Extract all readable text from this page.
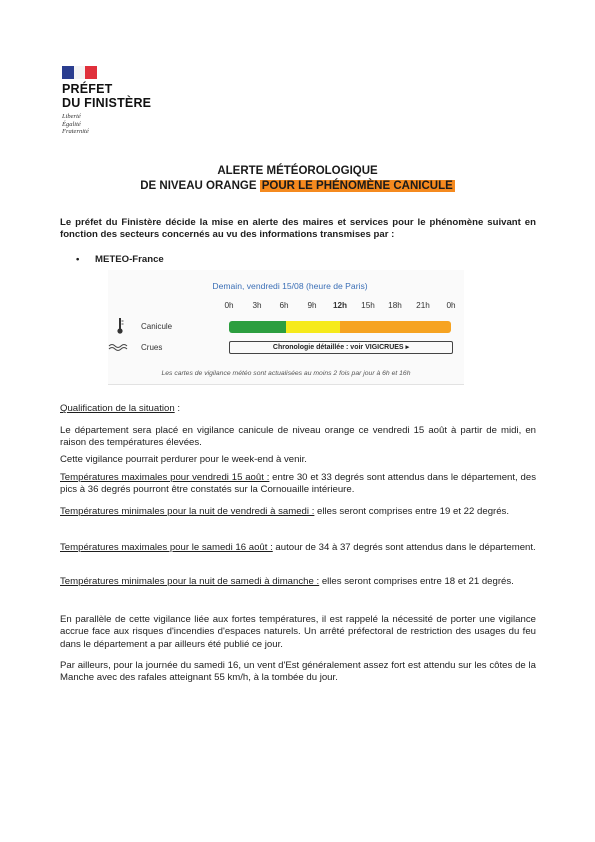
PRÉFET
DU FINISTÈRE
Liberté
Égalité
Fraternité
ALERTE MÉTÉOROLOGIQUE
DE NIVEAU ORANGE POUR LE PHÉNOMÈNE CANICULE
Le préfet du Finistère décide la mise en alerte des maires et services pour le phénomène suivant en fonction des secteurs concernés au vu des informations transmises par :
• METEO-France
Demain, vendredi 15/08 (heure de Paris)
0h	3h	6h	9h	12h	15h	18h	21h	0h
Canicule
Crues	Chronologie détaillée : voir VIGICRUES ▸
Les cartes de vigilance météo sont actualisées au moins 2 fois par jour à 6h et 16h
Qualification de la situation :
Le département sera placé en vigilance canicule de niveau orange ce vendredi 15 août à partir de midi, en raison des températures élevées.
Cette vigilance pourrait perdurer pour le week-end à venir.
Températures maximales pour vendredi 15 août : entre 30 et 33 degrés sont attendus dans le département, des pics à 36 degrés pourront être constatés sur la Cornouaille intérieure.
Températures minimales pour la nuit de vendredi à samedi : elles seront comprises entre 19 et 22 degrés.
Températures maximales pour le samedi 16 août : autour de 34 à 37 degrés sont attendus dans le département.
Températures minimales pour la nuit de samedi à dimanche : elles seront comprises entre 18 et 21 degrés.
En parallèle de cette vigilance liée aux fortes températures, il est rappelé la nécessité de porter une vigilance accrue face aux risques d'incendies d'espaces naturels. Un arrêté préfectoral de restriction des usages du feu dans le département a par ailleurs été publié ce jour.
Par ailleurs, pour la journée du samedi 16, un vent d'Est généralement assez fort est attendu sur les côtes de la Manche avec des rafales atteignant 55 km/h, à la tombée du jour.
